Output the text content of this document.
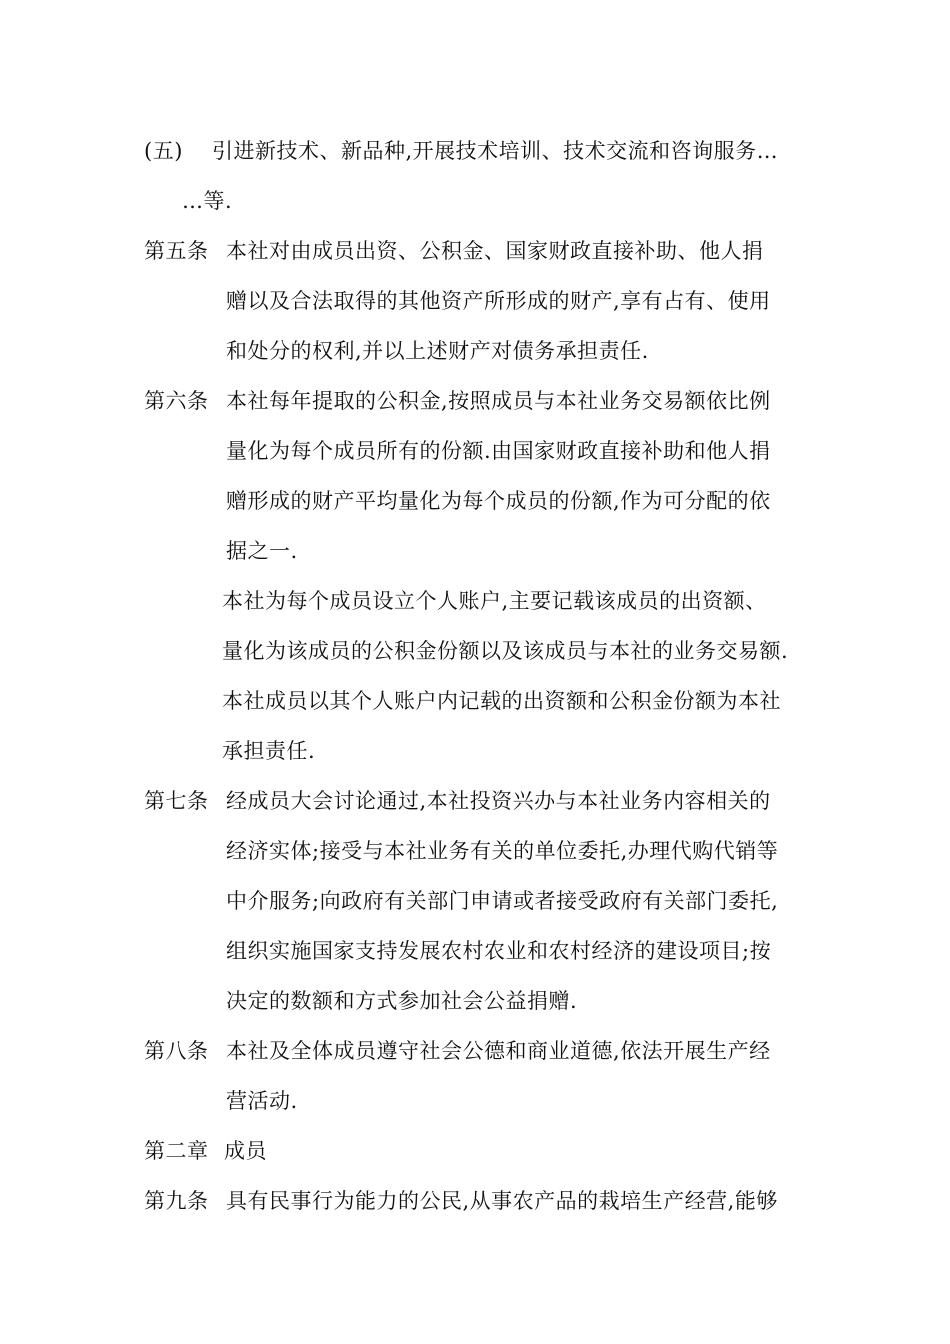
(五) 引进新技术、新品种,开展技术培训、技术交流和咨询服务…
…等.
第五条 本社对由成员出资、公积金、国家财政直接补助、他人捐
赠以及合法取得的其他资产所形成的财产,享有占有、使用
和处分的权利,并以上述财产对债务承担责任.
第六条 本社每年提取的公积金,按照成员与本社业务交易额依比例
量化为每个成员所有的份额.由国家财政直接补助和他人捐
赠形成的财产平均量化为每个成员的份额,作为可分配的依
据之一.
本社为每个成员设立个人账户,主要记载该成员的出资额、
量化为该成员的公积金份额以及该成员与本社的业务交易额.
本社成员以其个人账户内记载的出资额和公积金份额为本社
承担责任.
第七条 经成员大会讨论通过,本社投资兴办与本社业务内容相关的
经济实体;接受与本社业务有关的单位委托,办理代购代销等
中介服务;向政府有关部门申请或者接受政府有关部门委托,
组织实施国家支持发展农村农业和农村经济的建设项目;按
决定的数额和方式参加社会公益捐赠.
第八条 本社及全体成员遵守社会公德和商业道德,依法开展生产经
营活动.
第二章 成员
第九条 具有民事行为能力的公民,从事农产品的栽培生产经营,能够
